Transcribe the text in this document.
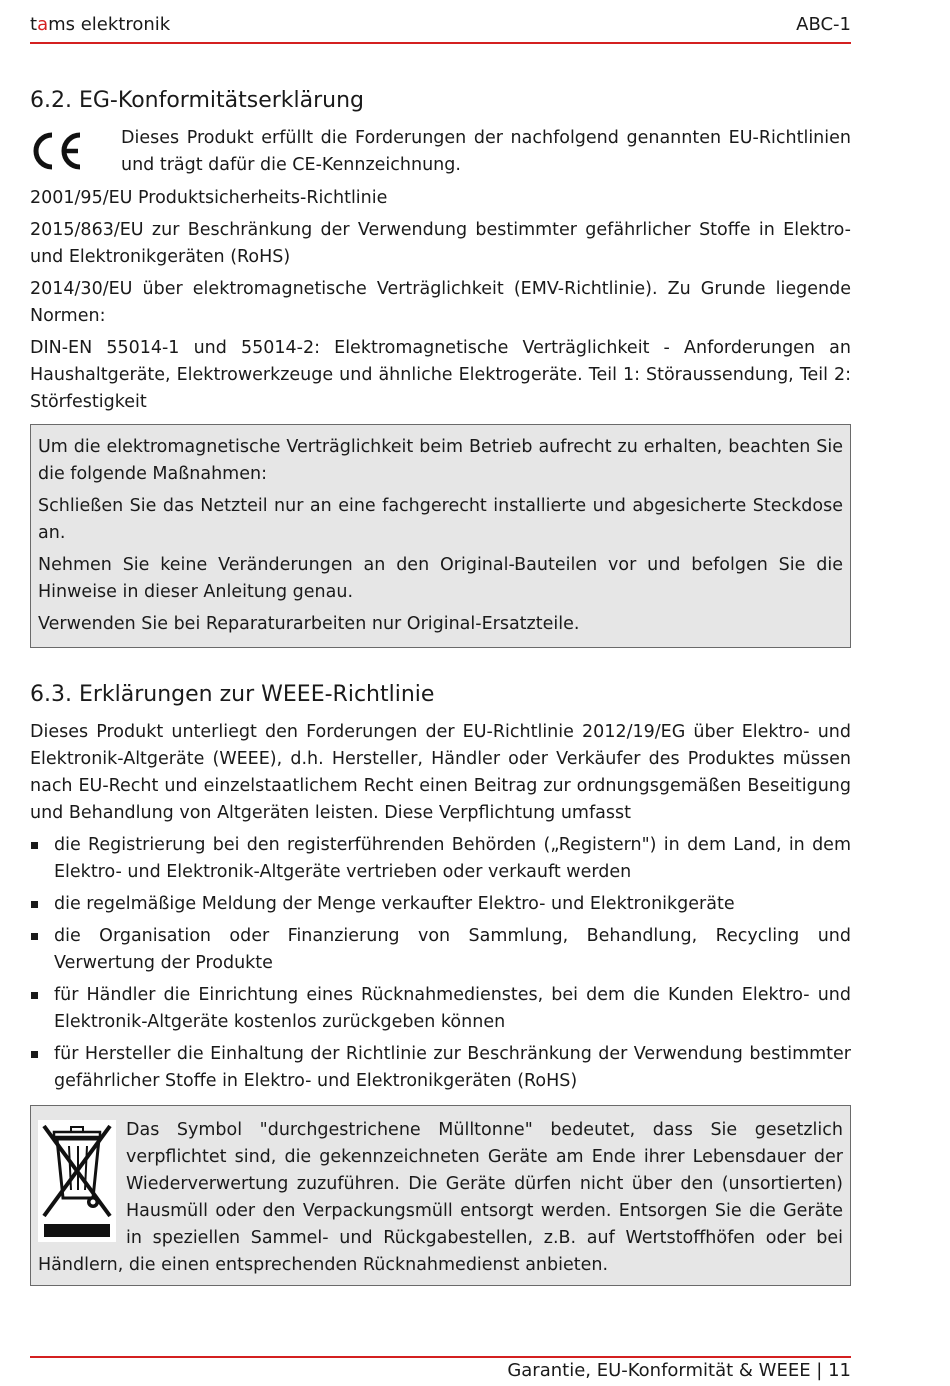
tams elektronik	ABC-1
6.2. EG-Konformitätserklärung
Dieses Produkt erfüllt die Forderungen der nachfolgend genannten EU-Richtlinien und trägt dafür die CE-Kennzeichnung.

2001/95/EU Produktsicherheits-Richtlinie

2015/863/EU zur Beschränkung der Verwendung bestimmter gefährlicher Stoffe in Elektro- und Elektronikgeräten (RoHS)

2014/30/EU über elektromagnetische Verträglichkeit (EMV-Richtlinie). Zu Grunde liegende Normen:

DIN-EN 55014-1 und 55014-2: Elektromagnetische Verträglichkeit - Anforderungen an Haushaltgeräte, Elektrowerkzeuge und ähnliche Elektrogeräte. Teil 1: Störaussendung, Teil 2: Störfestigkeit

Um die elektromagnetische Verträglichkeit beim Betrieb aufrecht zu erhalten, beachten Sie die folgende Maßnahmen:

Schließen Sie das Netzteil nur an eine fachgerecht installierte und abgesicherte Steckdose an.

Nehmen Sie keine Veränderungen an den Original-Bauteilen vor und befolgen Sie die Hinweise in dieser Anleitung genau.

Verwenden Sie bei Reparaturarbeiten nur Original-Ersatzteile.

6.3. Erklärungen zur WEEE-Richtlinie

Dieses Produkt unterliegt den Forderungen der EU-Richtlinie 2012/19/EG über Elektro- und Elektronik-Altgeräte (WEEE), d.h. Hersteller, Händler oder Verkäufer des Produktes müssen nach EU-Recht und einzelstaatlichem Recht einen Beitrag zur ordnungsgemäßen Beseitigung und Behandlung von Altgeräten leisten. Diese Verpflichtung umfasst

die Registrierung bei den registerführenden Behörden („Registern") in dem Land, in dem Elektro- und Elektronik-Altgeräte vertrieben oder verkauft werden
die regelmäßige Meldung der Menge verkaufter Elektro- und Elektronikgeräte
die Organisation oder Finanzierung von Sammlung, Behandlung, Recycling und Verwertung der Produkte
für Händler die Einrichtung eines Rücknahmedienstes, bei dem die Kunden Elektro- und Elektronik-Altgeräte kostenlos zurückgeben können
für Hersteller die Einhaltung der Richtlinie zur Beschränkung der Verwendung bestimmter gefährlicher Stoffe in Elektro- und Elektronikgeräten (RoHS)

Das Symbol "durchgestrichene Mülltonne" bedeutet, dass Sie gesetzlich verpflichtet sind, die gekennzeichneten Geräte am Ende ihrer Lebensdauer der Wiederverwertung zuzuführen. Die Geräte dürfen nicht über den (unsortierten) Hausmüll oder den Verpackungsmüll entsorgt werden. Entsorgen Sie die Geräte in speziellen Sammel- und Rückgabestellen, z.B. auf Wertstoffhöfen oder bei Händlern, die einen entsprechenden Rücknahmedienst anbieten.

Garantie, EU-Konformität & WEEE | 11
